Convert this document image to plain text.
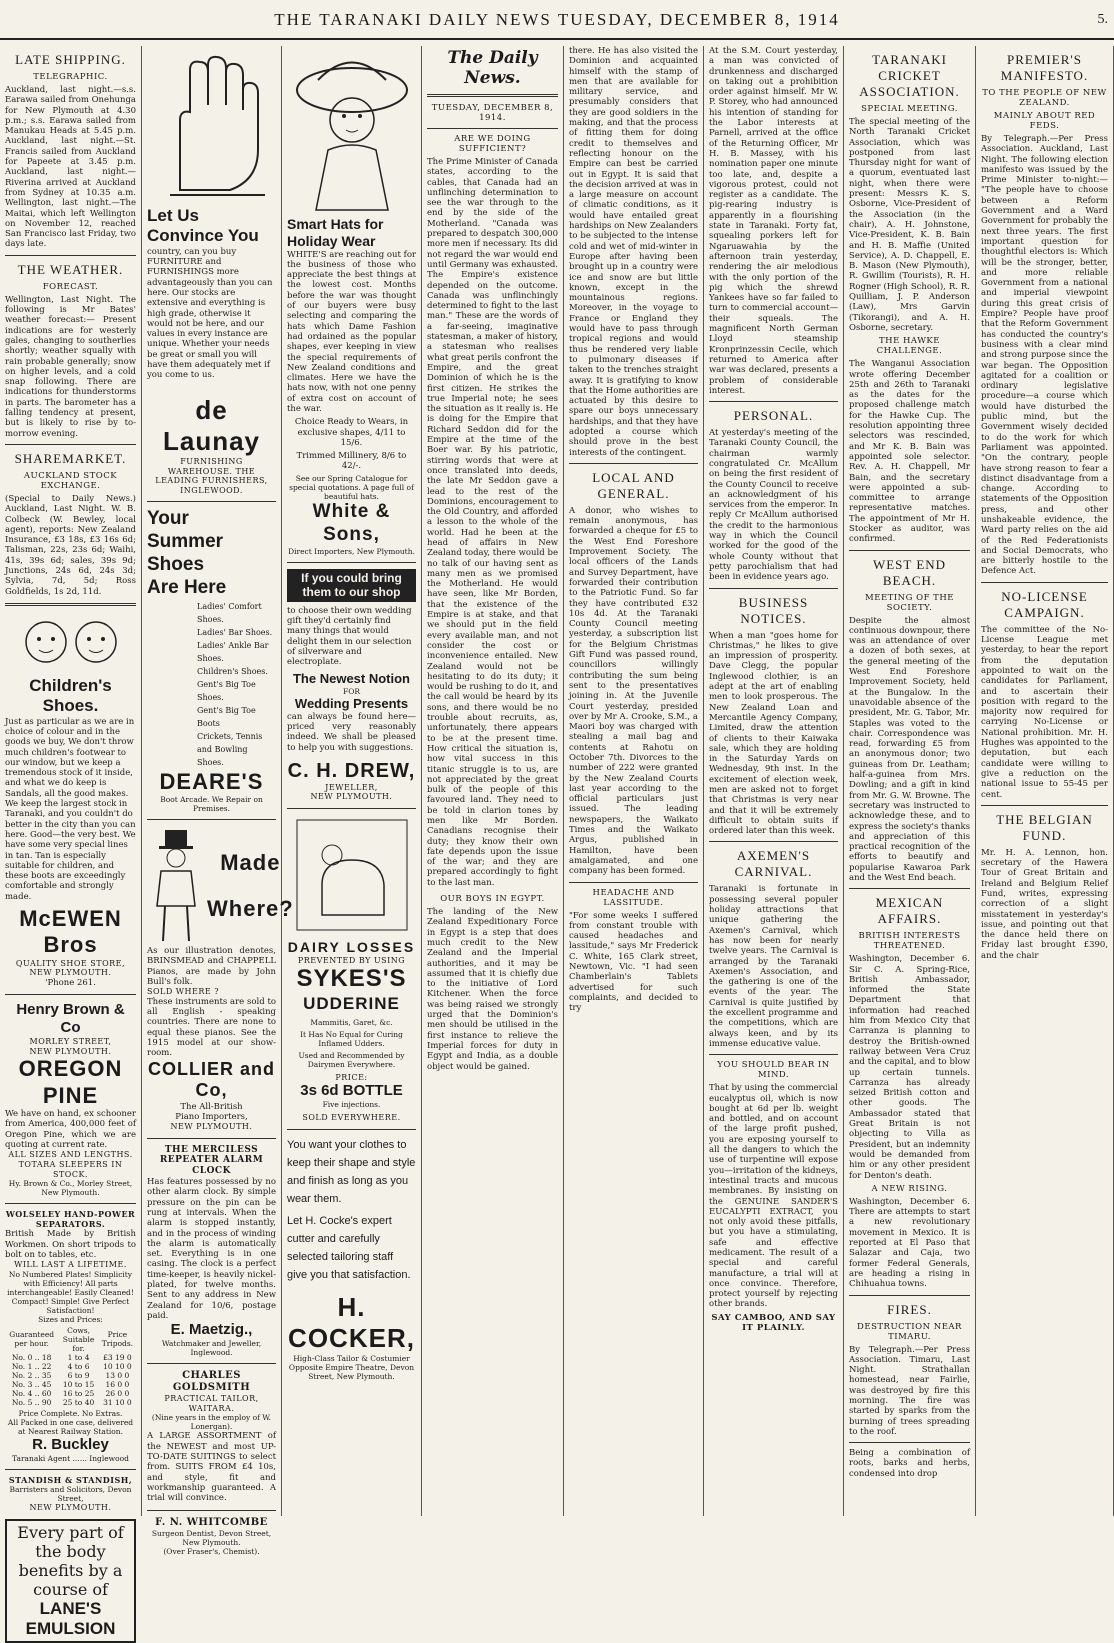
THE TARANAKI DAILY NEWS TUESDAY, DECEMBER 8, 1914	5.
LATE SHIPPING.
TELEGRAPHIC.
Auckland, last night.—s.s. Earawa sailed from Onehunga for New Plymouth at 4.30 p.m.; s.s. Earawa sailed from Manukau Heads at 5.45 p.m. Auckland, last night.—St. Francis sailed from Auckland for Papeete at 3.45 p.m. Auckland, last night.—Riverina arrived at Auckland from Sydney at 10.35 a.m. Wellington, last night.—The Maitai, which left Wellington on November 12, reached San Francisco last Friday, two days late.
THE WEATHER.
FORECAST.
Wellington, Last Night. The following is Mr Bates' weather forecast:— Present indications are for westerly gales, changing to southerlies shortly; weather squally with rain probable generally; snow on higher levels, and a cold snap following. There are indications for thunderstorms in parts. The barometer has a falling tendency at present, but is likely to rise by to-morrow evening.
SHAREMARKET.
AUCKLAND STOCK EXCHANGE.
(Special to Daily News.) Auckland, Last Night. W. B. Colbeck (W. Bewley, local agent), reports: New Zealand Insurance, £3 18s, £3 16s 6d; Talisman, 22s, 23s 6d; Waihi, 41s, 39s 6d; sales, 39s 9d; Junctions, 24s 6d, 24s 3d; Sylvia, 7d, 5d; Ross Goldfields, 1s 2d, 11d.
Children's Shoes.
Just as particular as we are in choice of colour and in the goods we buy, We don't throw much children's footwear to our window, but we keep a tremendous stock of it inside, and what we do keep is Sandals, all the good makes. We keep the largest stock in Taranaki, and you couldn't do better in the city than you can here. Good—the very best. We have some very special lines in tan. Tan is especially suitable for children, and these boots are exceedingly comfortable and strongly made.
McEWEN Bros
QUALITY SHOE STORE,
NEW PLYMOUTH.
'Phone 261.
Henry Brown & Co
MORLEY STREET,
NEW PLYMOUTH.
OREGON PINE
We have on hand, ex schooner from America, 400,000 feet of Oregon Pine, which we are quoting at current rate.
ALL SIZES AND LENGTHS.
TOTARA SLEEPERS IN STOCK.
Hy. Brown & Co., Morley Street, New Plymouth.
WOLSELEY HAND-POWER SEPARATORS.
British Made by British Workmen. On short tripods to bolt on to tables, etc.
WILL LAST A LIFETIME.
No Numbered Plates! Simplicity with Efficiency! All parts interchangeable! Easily Cleaned! Compact! Simple! Give Perfect Satisfaction!
Sizes and Prices:
Guaranteed per hour.	Cows, Suitable for.	Price Tripods.
No. 0 .. 18	1 to 4	£3 19 0
No. 1 .. 22	4 to 6	10 10 0
No. 2 .. 35	6 to 9	13 0 0
No. 3 .. 45	10 to 15	16 0 0
No. 4 .. 60	16 to 25	26 0 0
No. 5 .. 90	25 to 40	31 10 0
Price Complete. No Extras.
All Packed in one case, delivered at Nearest Railway Station.
R. Buckley
Taranaki Agent ...... Inglewood
STANDISH & STANDISH,
Barristers and Solicitors, Devon Street,
NEW PLYMOUTH.
Every part of the body benefits by a course of
LANE'S EMULSION
Let Us Convince You
country, can you buy FURNITURE and FURNISHINGS more advantageously than you can here. Our stocks are extensive and everything is high grade, otherwise it would not be here, and our values in every instance are unique. Whether your needs be great or small you will have them adequately met if you come to us.
de Launay
FURNISHING WAREHOUSE. THE LEADING FURNISHERS,
INGLEWOOD.
Your
Summer Shoes
Are Here
Ladies' Comfort Shoes.
Ladies' Bar Shoes.
Ladies' Ankle Bar Shoes.
Children's Shoes.
Gent's Big Toe Shoes.
Gent's Big Toe Boots
Crickets, Tennis and Bowling Shoes.
DEARE'S
Boot Arcade. We Repair on Premises.
Made
Where?
As our illustration denotes, BRINSMEAD and CHAPPELL Pianos, are made by John Bull's folk.
SOLD WHERE ?
These instruments are sold to all English - speaking countries. There are none to equal these pianos. See the 1915 model at our show-room.
COLLIER and Co,
The All-British
Piano Importers,
NEW PLYMOUTH.
THE MERCILESS REPEATER ALARM CLOCK
Has features possessed by no other alarm clock. By simple pressure on the pin can be rung at intervals. When the alarm is stopped instantly, and in the process of winding the alarm is automatically set. Everything is in one casing. The clock is a perfect time-keeper, is heavily nickel-plated, for twelve months. Sent to any address in New Zealand for 10/6, postage paid.
E. Maetzig.,
Watchmaker and Jeweller, Inglewood.
CHARLES GOLDSMITH
PRACTICAL TAILOR, WAITARA.
(Nine years in the employ of W. Lonergan).
A LARGE ASSORTMENT of the NEWEST and most UP-TO-DATE SUITINGS to select from. SUITS FROM £4 10s, and style, fit and workmanship guaranteed. A trial will convince.
F. N. WHITCOMBE
Surgeon Dentist, Devon Street, New Plymouth.
(Over Fraser's, Chemist).
Smart Hats for Holiday Wear
WHITE'S are reaching out for the business of those who appreciate the best things at the lowest cost. Months before the war was thought of our buyers were busy selecting and comparing the hats which Dame Fashion had ordained as the popular shapes, ever keeping in view the special requirements of New Zealand conditions and climates. Here we have the hats now, with not one penny of extra cost on account of the war.
Choice Ready to Wears, in exclusive shapes, 4/11 to 15/6.
Trimmed Millinery, 8/6 to 42/-.
See our Spring Catalogue for special quotations. A page full of beautiful hats.
White & Sons,
Direct Importers, New Plymouth.
If you could bring them to our shop
to choose their own wedding gift they'd certainly find many things that would delight them in our selection of silverware and electroplate.
The Newest Notion
FOR
Wedding Presents
can always be found here—priced very reasonably indeed. We shall be pleased to help you with suggestions.
C. H. DREW,
JEWELLER,
NEW PLYMOUTH.
DAIRY LOSSES
PREVENTED BY USING
SYKES'S
UDDERINE
Mammitis, Garet, &c.
It Has No Equal for Curing Inflamed Udders.
Used and Recommended by Dairymen Everywhere.
PRICE:
3s 6d BOTTLE
Five injections.
SOLD EVERYWHERE.
You want your clothes to keep their shape and style and finish as long as you wear them.
Let H. Cocke's expert cutter and carefully selected tailoring staff give you that satisfaction.
H. COCKER,
High-Class Tailor & Costumier Opposite Empire Theatre, Devon Street, New Plymouth.
The Daily News.
TUESDAY, DECEMBER 8, 1914.
ARE WE DOING SUFFICIENT?
The Prime Minister of Canada states, according to the cables, that Canada had an unflinching determination to see the war through to the end by the side of the Motherland. "Canada was prepared to despatch 300,000 more men if necessary. Its did not regard the war would end until Germany was exhausted. The Empire's existence depended on the outcome. Canada was unflinchingly determined to fight to the last man." These are the words of a far-seeing, imaginative statesman, a maker of history, a statesman who realises what great perils confront the Empire, and the great Dominion of which he is the first citizen. He strikes the true Imperial note; he sees the situation as it really is. He is doing for the Empire that Richard Seddon did for the Empire at the time of the Boer war. By his patriotic, stirring words that were at once translated into deeds, the late Mr Seddon gave a lead to the rest of the Dominions, encouragement to the Old Country, and afforded a lesson to the whole of the world. Had he been at the head of affairs in New Zealand today, there would be no talk of our having sent as many men as we promised the Motherland. He would have seen, like Mr Borden, that the existence of the Empire is at stake, and that we should put in the field every available man, and not consider the cost or inconvenience entailed. New Zealand would not be hesitating to do its duty; it would be rushing to do it, and the call would be heard by its sons, and there would be no trouble about recruits, as, unfortunately, there appears to be at the present time. How critical the situation is, how vital success in this titanic struggle is to us, are not appreciated by the great bulk of the people of this favoured land. They need to be told in clarion tones by men like Mr Borden. Canadians recognise their duty; they know their own fate depends upon the issue of the war; and they are prepared accordingly to fight to the last man.
OUR BOYS IN EGYPT.
The landing of the New Zealand Expeditionary Force in Egypt is a step that does much credit to the New Zealand and the Imperial authorities, and it may be assumed that it is chiefly due to the initiative of Lord Kitchener. When the force was being raised we strongly urged that the Dominion's men should be utilised in the first instance to relieve the Imperial forces for duty in Egypt and India, as a double object would be gained.
there. He has also visited the Dominion and acquainted himself with the stamp of men that are available for military service, and presumably considers that they are good soldiers in the making, and that the process of fitting them for doing credit to themselves and reflecting honour on the Empire can best be carried out in Egypt. It is said that the decision arrived at was in a large measure on account of climatic conditions, as it would have entailed great hardships on New Zealanders to be subjected to the intense cold and wet of mid-winter in Europe after having been brought up in a country were ice and snow are but little known, except in the mountainous regions. Moreover, in the voyage to France or England they would have to pass through tropical regions and would thus be rendered very liable to pulmonary diseases if taken to the trenches straight away. It is gratifying to know that the Home authorities are actuated by this desire to spare our boys unnecessary hardships, and that they have adopted a course which should prove in the best interests of the contingent.
LOCAL AND GENERAL.
A donor, who wishes to remain anonymous, has forwarded a cheque for £5 to the West End Foreshore Improvement Society. The local officers of the Lands and Survey Department, have forwarded their contribution to the Patriotic Fund. So far they have contributed £32 10s 4d. At the Taranaki County Council meeting yesterday, a subscription list for the Belgium Christmas Gift Fund was passed round, councillors willingly contributing the sum being sent to the presentatives joining in. At the Juvenile Court yesterday, presided over by Mr A. Crooke, S.M., a Maori boy was charged with stealing a mail bag and contents at Rahotu on October 7th. Divorces to the number of 222 were granted by the New Zealand Courts last year according to the official particulars just issued. The leading newspapers, the Waikato Times and the Waikato Argus, published in Hamilton, have been amalgamated, and one company has been formed.
HEADACHE AND LASSITUDE.
"For some weeks I suffered from constant trouble with caused headaches and lassitude," says Mr Frederick C. White, 165 Clark street, Newtown, Vic. "I had seen Chamberlain's Tablets advertised for such complaints, and decided to try
At the S.M. Court yesterday, a man was convicted of drunkenness and discharged on taking out a prohibition order against himself. Mr W. P. Storey, who had announced his intention of standing for the Labor interests at Parnell, arrived at the office of the Returning Officer, Mr H. B. Massey, with his nomination paper one minute too late, and, despite a vigorous protest, could not register as a candidate. The pig-rearing industry is apparently in a flourishing state in Taranaki. Forty fat, squealing porkers left for Ngaruawahia by the afternoon train yesterday, rendering the air melodious with the only portion of the pig which the shrewd Yankees have so far failed to turn to commercial account—their squeals. The magnificent North German Lloyd steamship Kronprinzessin Cecile, which returned to America after war was declared, presents a problem of considerable interest.
PERSONAL.
At yesterday's meeting of the Taranaki County Council, the chairman warmly congratulated Cr. McAllum on being the first resident of the County Council to receive an acknowledgment of his services from the emperor. In reply Cr McAllum authorised the credit to the harmonious way in which the Council worked for the good of the whole County without that petty parochialism that had been in evidence years ago.
BUSINESS NOTICES.
When a man "goes home for Christmas," he likes to give an impression of prosperity. Dave Clegg, the popular Inglewood clothier, is an adept at the art of enabling men to look prosperous. The New Zealand Loan and Mercantile Agency Company, Limited, draw the attention of clients to their Kaiwaka sale, which they are holding in the Saturday Yards on Wednesday, 9th inst. In the excitement of election week, men are asked not to forget that Christmas is very near and that it will be extremely difficult to obtain suits if ordered later than this week.
AXEMEN'S CARNIVAL.
Taranaki is fortunate in possessing several populer holiday attractions that unique gathering the Axemen's Carnival, which has now been for nearly twelve years. The Carnival is arranged by the Taranaki Axemen's Association, and the gathering is one of the events of the year. The Carnival is quite justified by the excellent programme and the competitions, which are always keen, and by its immense educative value.
YOU SHOULD BEAR IN MIND.
That by using the commercial eucalyptus oil, which is now bought at 6d per lb. weight and bottled, and on account of the large profit pushed, you are exposing yourself to all the dangers to which the use of turpentine will expose you—irritation of the kidneys, intestinal tracts and mucous membranes. By insisting on the GENUINE SANDER'S EUCALYPTI EXTRACT, you not only avoid these pitfalls, but you have a stimulating, safe and effective medicament. The result of a special and careful manufacture, a trial will at once convince. Therefore, protect yourself by rejecting other brands.
SAY CAMBOO, AND SAY IT PLAINLY.
TARANAKI CRICKET ASSOCIATION.
SPECIAL MEETING.
The special meeting of the North Taranaki Cricket Association, which was postponed from last Thursday night for want of a quorum, eventuated last night, when there were present: Messrs K. S. Osborne, Vice-President of the Association (in the chair), A. H. Johnstone, Vice-President, K. B. Bain and H. B. Maffie (United Service), A. D. Chappell, E. B. Mason (New Plymouth), R. Gwillim (Tourists), R. H. Rogner (High School), R. R. Quilliam, J. P. Anderson (Law), Mrs Garvin (Tikorangi), and A. H. Osborne, secretary.
THE HAWKE CHALLENGE.
The Wanganui Association wrote offering December 25th and 26th to Taranaki as the dates for the proposed challenge match for the Hawke Cup. The resolution appointing three selectors was rescinded, and Mr K. B. Bain was appointed sole selector. Rev. A. H. Chappell, Mr Bain, and the secretary were appointed a sub-committee to arrange representative matches. The appointment of Mr H. Stocker as auditor, was confirmed.
WEST END BEACH.
MEETING OF THE SOCIETY.
Despite the almost continuous downpour, there was an attendance of over a dozen of both sexes, at the general meeting of the West End Foreshore Improvement Society, held at the Bungalow. In the unavoidable absence of the president, Mr. G. Tabor, Mr. Staples was voted to the chair. Correspondence was read, forwarding £5 from an anonymous donor; two guineas from Dr. Leatham; half-a-guinea from Mrs. Dowling; and a gift in kind from Mr. G. W. Browne. The secretary was instructed to acknowledge these, and to express the society's thanks and appreciation of this practical recognition of the efforts to beautify and popularise Kawaroa Park and the West End beach.
MEXICAN AFFAIRS.
BRITISH INTERESTS THREATENED.
Washington, December 6. Sir C. A. Spring-Rice, British Ambassador, informed the State Department that information had reached him from Mexico City that Carranza is planning to destroy the British-owned railway between Vera Cruz and the capital, and to blow up certain tunnels. Carranza has already seized British cotton and other goods. The Ambassador stated that Great Britain is not objecting to Villa as President, but an indemnity would be demanded from him or any other president for Denton's death.
A NEW RISING.
Washington, December 6. There are attempts to start a new revolutionary movement in Mexico. It is reported at El Paso that Salazar and Caja, two former Federal Generals, are heading a rising in Chihuahua towns.
FIRES.
DESTRUCTION NEAR TIMARU.
By Telegraph.—Per Press Association. Timaru, Last Night. Strathallan homestead, near Fairlie, was destroyed by fire this morning. The fire was started by sparks from the burning of trees spreading to the roof.
Being a combination of roots, barks and herbs, condensed into drop
PREMIER'S MANIFESTO.
TO THE PEOPLE OF NEW ZEALAND.
MAINLY ABOUT RED FEDS.
By Telegraph.—Per Press Association. Auckland, Last Night. The following election manifesto was issued by the Prime Minister to-night:— "The people have to choose between a Reform Government and a Ward Government for probably the next three years. The first important question for thoughtful electors is: Which will be the stronger, better, and more reliable Government from a national and imperial viewpoint during this great crisis of Empire? People have proof that the Reform Government has conducted the country's business with a clear mind and strong purpose since the war began. The Opposition agitated for a coalition or ordinary legislative procedure—a course which would have disturbed the public mind, but the Government wisely decided to do the work for which Parliament was appointed. "On the contrary, people have strong reason to fear a distinct disadvantage from a change. According to statements of the Opposition press, and other unshakeable evidence, the Ward party relies on the aid of the Red Federationists and Social Democrats, who are bitterly hostile to the Defence Act.
NO-LICENSE CAMPAIGN.
The committee of the No-License League met yesterday, to hear the report from the deputation appointed to wait on the candidates for Parliament, and to ascertain their position with regard to the majority now required for carrying No-License or National prohibition. Mr. H. Hughes was appointed to the deputation, but each candidate were willing to give a reduction on the national issue to 55-45 per cent.
THE BELGIAN FUND.
Mr. H. A. Lennon, hon. secretary of the Hawera Tour of Great Britain and Ireland and Belgium Relief Fund, writes, expressing correction of a slight misstatement in yesterday's issue, and pointing out that the dance held there on Friday last brought £390, and the chair
